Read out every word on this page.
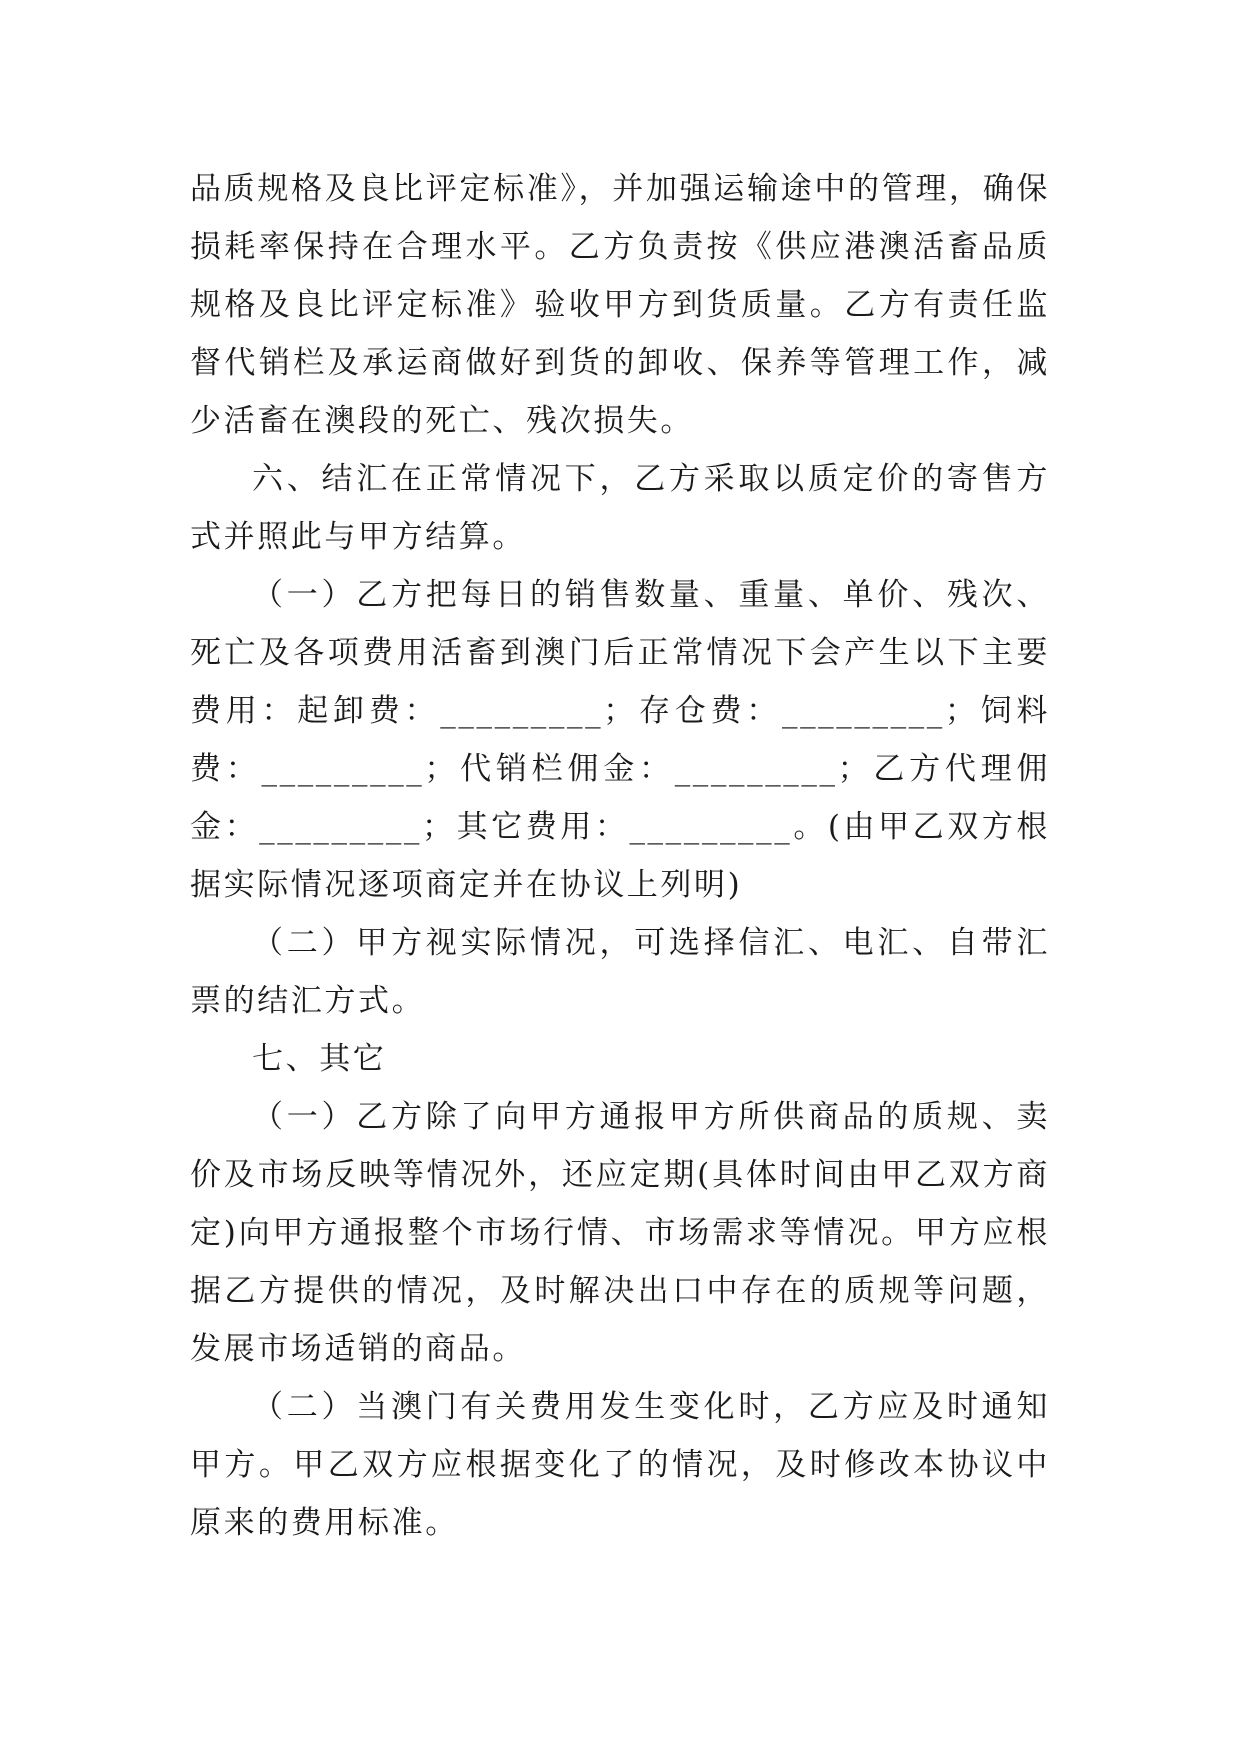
品质规格及良比评定标准》，并加强运输途中的管理，确保损耗率保持在合理水平。乙方负责按《供应港澳活畜品质规格及良比评定标准》验收甲方到货质量。乙方有责任监督代销栏及承运商做好到货的卸收、保养等管理工作，减少活畜在澳段的死亡、残次损失。

六、结汇在正常情况下，乙方采取以质定价的寄售方式并照此与甲方结算。

（一）乙方把每日的销售数量、重量、单价、残次、死亡及各项费用活畜到澳门后正常情况下会产生以下主要费用：起卸费：_________；存仓费：_________；饲料费：_________；代销栏佣金：_________；乙方代理佣金：_________；其它费用：_________。(由甲乙双方根据实际情况逐项商定并在协议上列明)

（二）甲方视实际情况，可选择信汇、电汇、自带汇票的结汇方式。

七、其它

（一）乙方除了向甲方通报甲方所供商品的质规、卖价及市场反映等情况外，还应定期(具体时间由甲乙双方商定)向甲方通报整个市场行情、市场需求等情况。甲方应根据乙方提供的情况，及时解决出口中存在的质规等问题，发展市场适销的商品。

（二）当澳门有关费用发生变化时，乙方应及时通知甲方。甲乙双方应根据变化了的情况，及时修改本协议中原来的费用标准。
